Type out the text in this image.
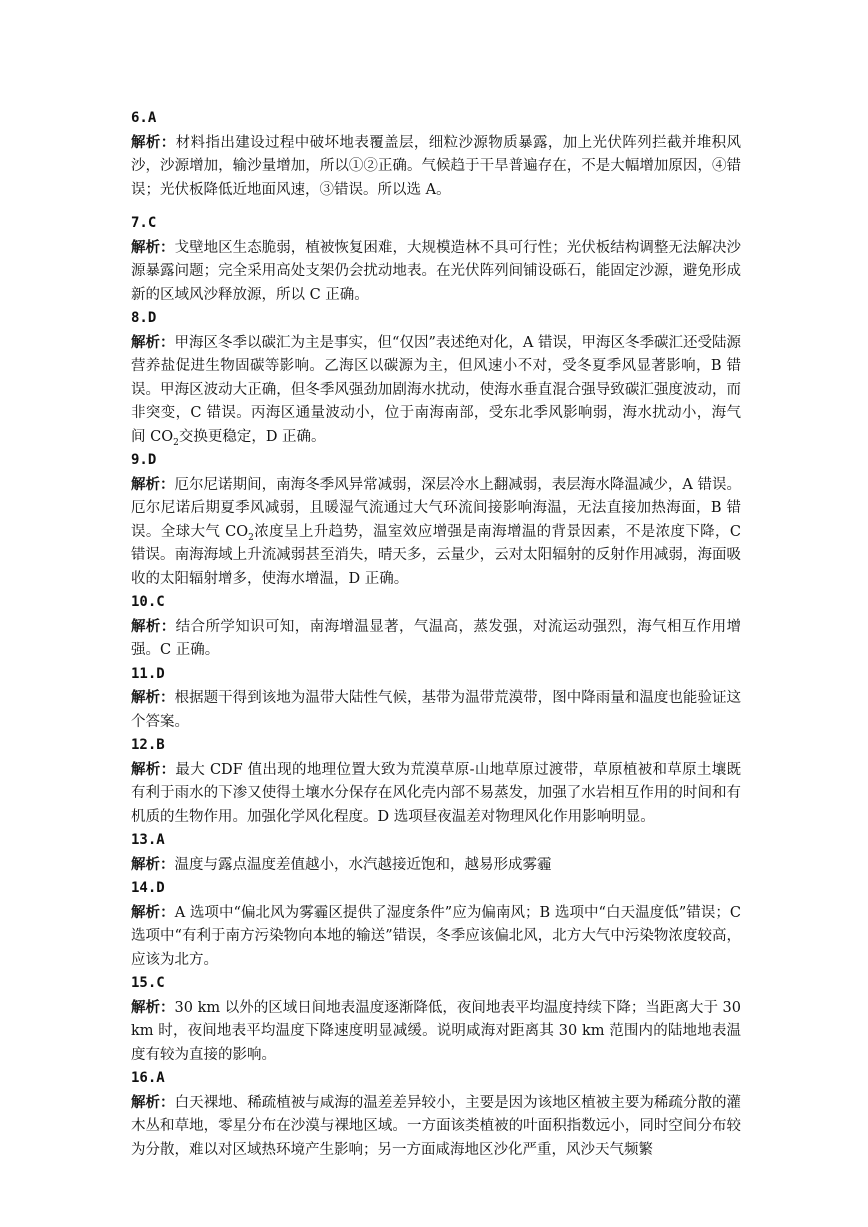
6.A
解析：材料指出建设过程中破坏地表覆盖层，细粒沙源物质暴露，加上光伏阵列拦截并堆积风沙，沙源增加，输沙量增加，所以①②正确。气候趋于干旱普遍存在，不是大幅增加原因，④错误；光伏板降低近地面风速，③错误。所以选 A。
7.C
解析：戈壁地区生态脆弱，植被恢复困难，大规模造林不具可行性；光伏板结构调整无法解决沙源暴露问题；完全采用高处支架仍会扰动地表。在光伏阵列间铺设砾石，能固定沙源，避免形成新的区域风沙释放源，所以 C 正确。
8.D
解析：甲海区冬季以碳汇为主是事实，但“仅因”表述绝对化，A 错误，甲海区冬季碳汇还受陆源营养盐促进生物固碳等影响。乙海区以碳源为主，但风速小不对，受冬夏季风显著影响，B 错误。甲海区波动大正确，但冬季风强劲加剧海水扰动，使海水垂直混合强导致碳汇强度波动，而非突变，C 错误。丙海区通量波动小，位于南海南部，受东北季风影响弱，海水扰动小，海气间 $CO_2$交换更稳定，D 正确。
9.D
解析：厄尔尼诺期间，南海冬季风异常减弱，深层冷水上翻减弱，表层海水降温减少，A 错误。厄尔尼诺后期夏季风减弱，且暖湿气流通过大气环流间接影响海温，无法直接加热海面，B 错误。全球大气 $CO_2$浓度呈上升趋势，温室效应增强是南海增温的背景因素，不是浓度下降，C 错误。南海海域上升流减弱甚至消失，晴天多，云量少，云对太阳辐射的反射作用减弱，海面吸收的太阳辐射增多，使海水增温，D 正确。
10.C
解析：结合所学知识可知，南海增温显著，气温高，蒸发强，对流运动强烈，海气相互作用增强。C 正确。
11.D
解析：根据题干得到该地为温带大陆性气候，基带为温带荒漠带，图中降雨量和温度也能验证这个答案。
12.B
解析：最大 CDF 值出现的地理位置大致为荒漠草原-山地草原过渡带，草原植被和草原土壤既有利于雨水的下渗又使得土壤水分保存在风化壳内部不易蒸发，加强了水岩相互作用的时间和有机质的生物作用。加强化学风化程度。D 选项昼夜温差对物理风化作用影响明显。
13.A
解析：温度与露点温度差值越小，水汽越接近饱和，越易形成雾霾
14.D
解析：A 选项中“偏北风为雾霾区提供了湿度条件”应为偏南风；B 选项中“白天温度低”错误；C 选项中“有利于南方污染物向本地的输送”错误，冬季应该偏北风，北方大气中污染物浓度较高，应该为北方。
15.C
解析：30 km 以外的区域日间地表温度逐渐降低，夜间地表平均温度持续下降；当距离大于 30 km 时，夜间地表平均温度下降速度明显减缓。说明咸海对距离其 30 km 范围内的陆地地表温度有较为直接的影响。
16.A
解析：白天裸地、稀疏植被与咸海的温差差异较小，主要是因为该地区植被主要为稀疏分散的灌木丛和草地，零星分布在沙漠与裸地区域。一方面该类植被的叶面积指数远小，同时空间分布较为分散，难以对区域热环境产生影响；另一方面咸海地区沙化严重，风沙天气频繁
